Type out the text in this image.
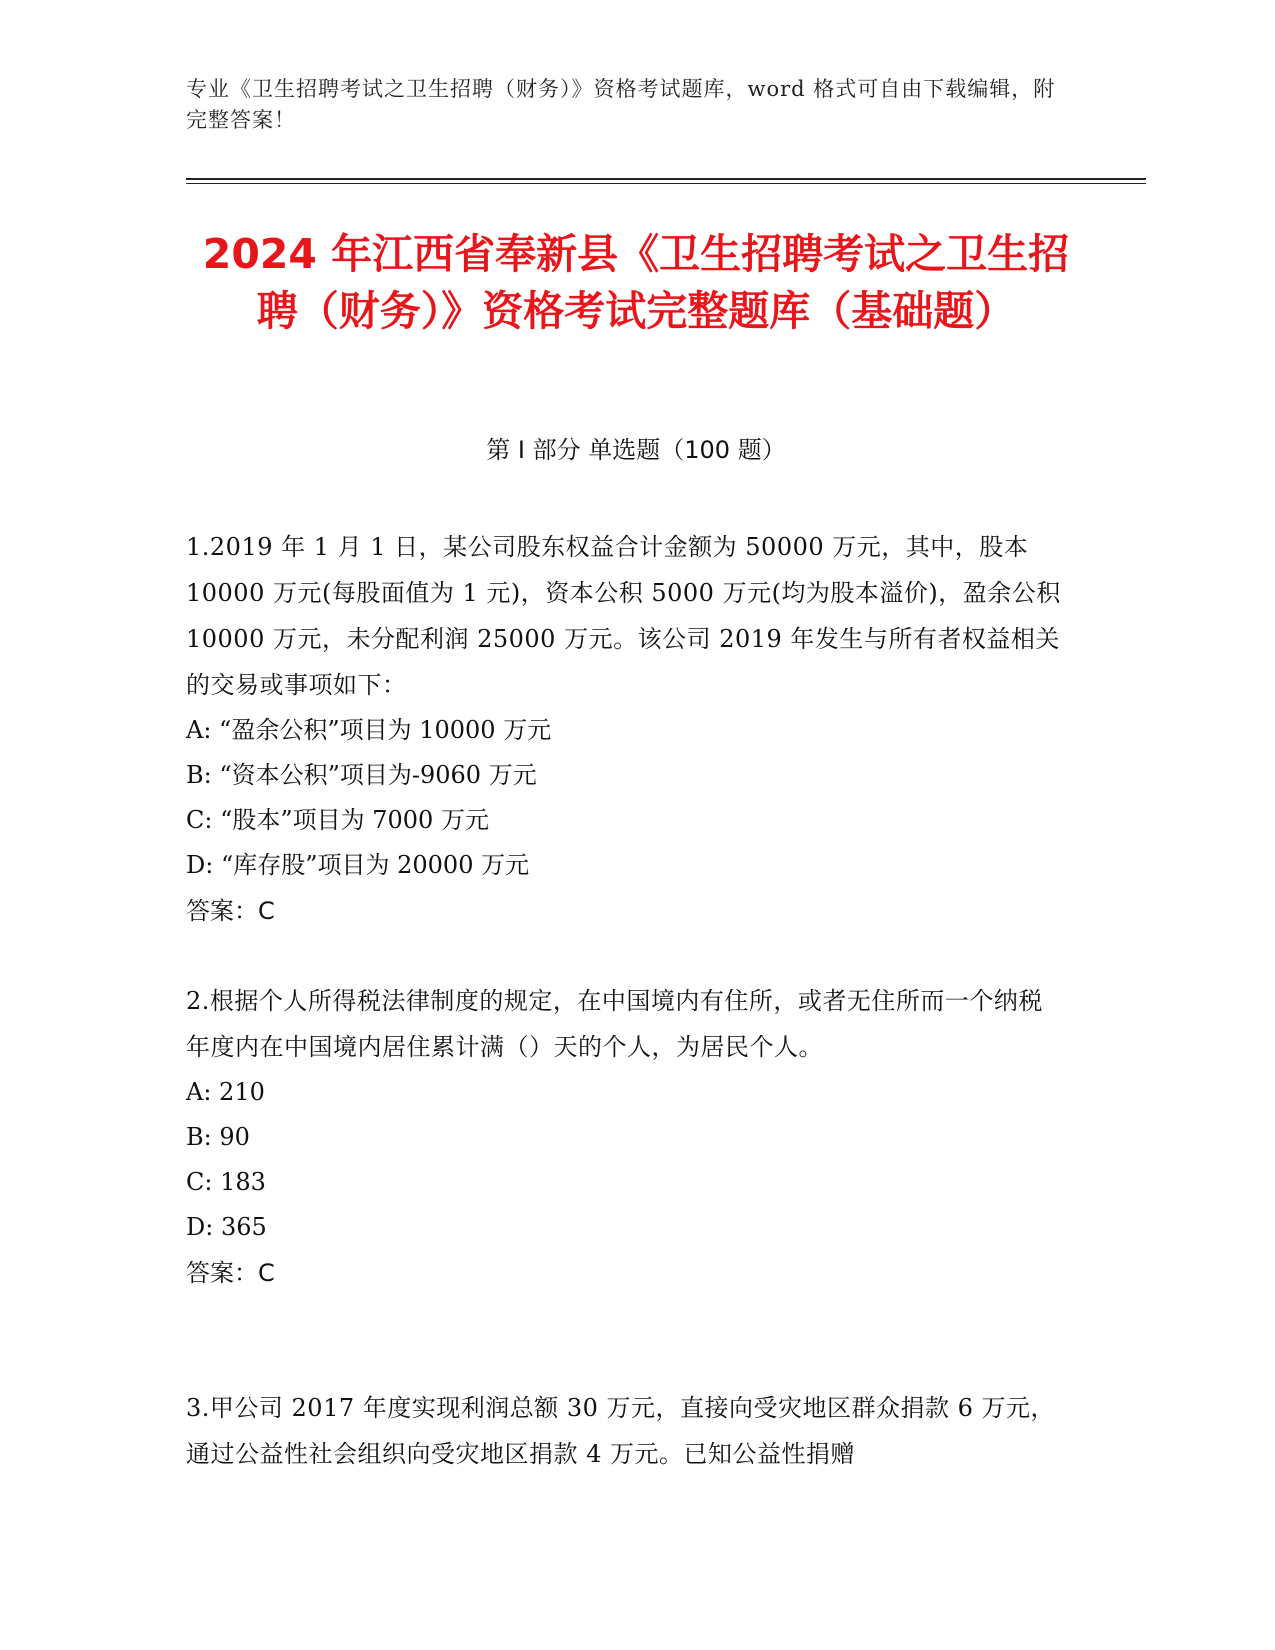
专业《卫生招聘考试之卫生招聘（财务）》资格考试题库，word 格式可自由下载编辑，附完整答案！
2024 年江西省奉新县《卫生招聘考试之卫生招聘（财务）》资格考试完整题库（基础题）
第 I 部分 单选题（100 题）
1.2019 年 1 月 1 日，某公司股东权益合计金额为 50000 万元，其中，股本 10000 万元(每股面值为 1 元)，资本公积 5000 万元(均为股本溢价)，盈余公积 10000 万元，未分配利润 25000 万元。该公司 2019 年发生与所有者权益相关的交易或事项如下：
A: “盈余公积”项目为 10000 万元
B: “资本公积”项目为-9060 万元
C: “股本”项目为 7000 万元
D: “库存股”项目为 20000 万元
答案：C
2.根据个人所得税法律制度的规定，在中国境内有住所，或者无住所而一个纳税年度内在中国境内居住累计满（）天的个人，为居民个人。
A: 210
B: 90
C: 183
D: 365
答案：C
3.甲公司 2017 年度实现利润总额 30 万元，直接向受灾地区群众捐款 6 万元，通过公益性社会组织向受灾地区捐款 4 万元。已知公益性捐赠
